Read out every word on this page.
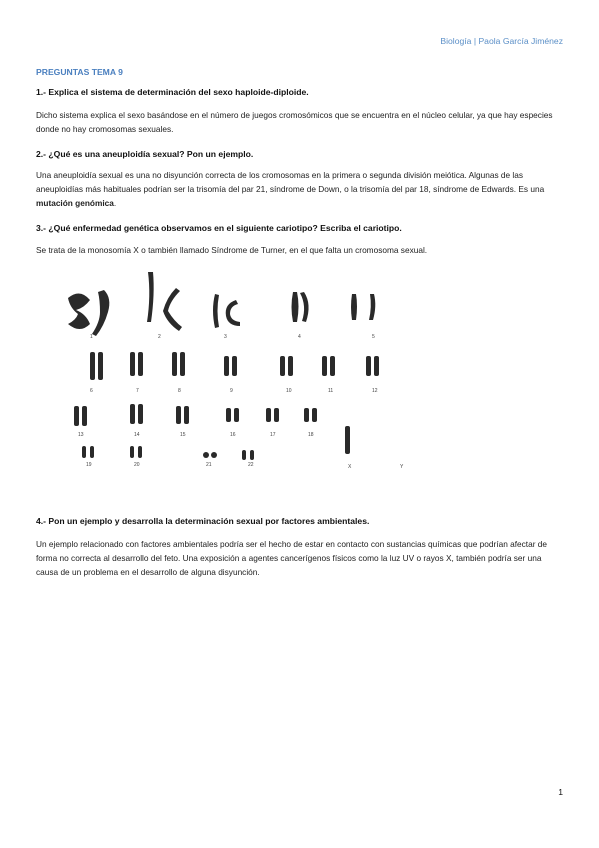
Biología | Paola García Jiménez
PREGUNTAS TEMA 9
1.- Explica el sistema de determinación del sexo haploide-diploide.
Dicho sistema explica el sexo basándose en el número de juegos cromosómicos que se encuentra en el núcleo celular, ya que hay especies donde no hay cromosomas sexuales.
2.- ¿Qué es una aneuploidía sexual? Pon un ejemplo.
Una aneuploidía sexual es una no disyunción correcta de los cromosomas en la primera o segunda división meiótica. Algunas de las aneuploidías más habituales podrían ser la trisomía del par 21, síndrome de Down, o la trisomía del par 18, síndrome de Edwards. Es una mutación genómica.
3.- ¿Qué enfermedad genética observamos en el siguiente cariotipo? Escriba el cariotipo.
Se trata de la monosomía X o también llamado Síndrome de Turner, en el que falta un cromosoma sexual.
1	2	3	4	5
6	7	8	9	10	11	12
13	14	15	16	17	18
19	20	21	22	X	Y
4.- Pon un ejemplo y desarrolla la determinación sexual por factores ambientales.
Un ejemplo relacionado con factores ambientales podría ser el hecho de estar en contacto con sustancias químicas que podrían afectar de forma no correcta al desarrollo del feto. Una exposición a agentes cancerígenos físicos como la luz UV o rayos X, también podría ser una causa de un problema en el desarrollo de alguna disyunción.
1
